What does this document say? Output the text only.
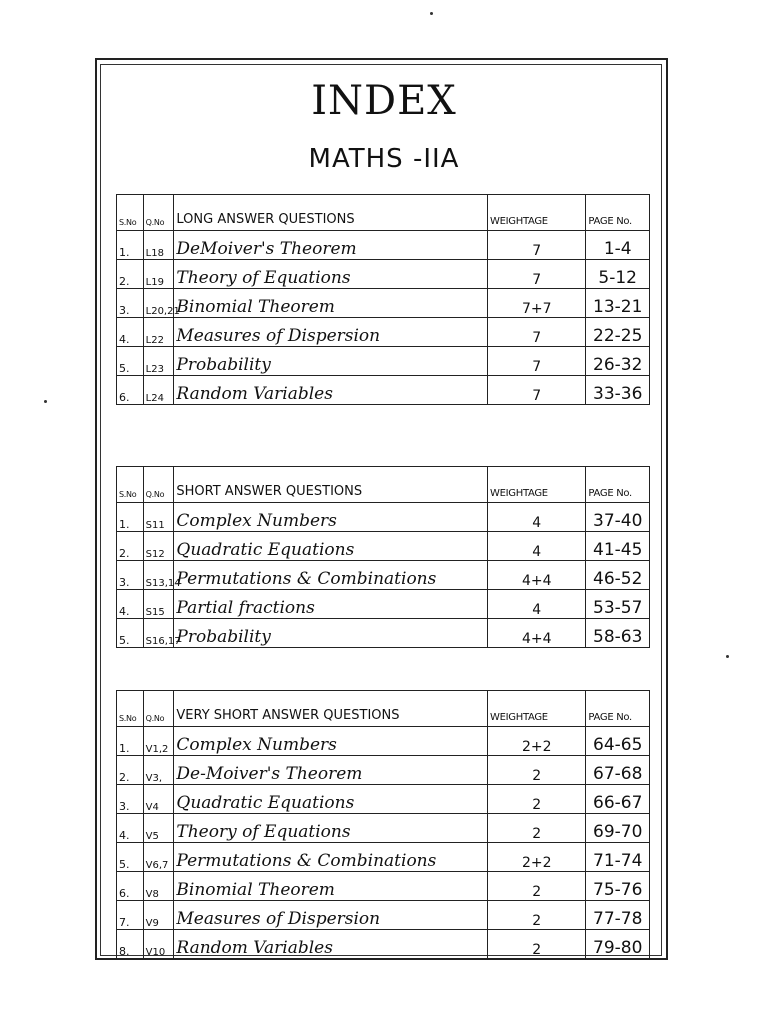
INDEX
MATHS -IIA
S.No	Q.No	LONG ANSWER QUESTIONS	WEIGHTAGE	PAGE No.
1.	L18	DeMoiver's Theorem	7	1-4
2.	L19	Theory of Equations	7	5-12
3.	L20,21	Binomial Theorem	7+7	13-21
4.	L22	Measures of Dispersion	7	22-25
5.	L23	Probability	7	26-32
6.	L24	Random Variables	7	33-36
S.No	Q.No	SHORT ANSWER QUESTIONS	WEIGHTAGE	PAGE No.
1.	S11	Complex Numbers	4	37-40
2.	S12	Quadratic Equations	4	41-45
3.	S13,14	Permutations & Combinations	4+4	46-52
4.	S15	Partial fractions	4	53-57
5.	S16,17	Probability	4+4	58-63
S.No	Q.No	VERY SHORT ANSWER QUESTIONS	WEIGHTAGE	PAGE No.
1.	V1,2	Complex Numbers	2+2	64-65
2.	V3,	De-Moiver's Theorem	2	67-68
3.	V4	Quadratic Equations	2	66-67
4.	V5	Theory of Equations	2	69-70
5.	V6,7	Permutations & Combinations	2+2	71-74
6.	V8	Binomial Theorem	2	75-76
7.	V9	Measures of Dispersion	2	77-78
8.	V10	Random Variables	2	79-80
